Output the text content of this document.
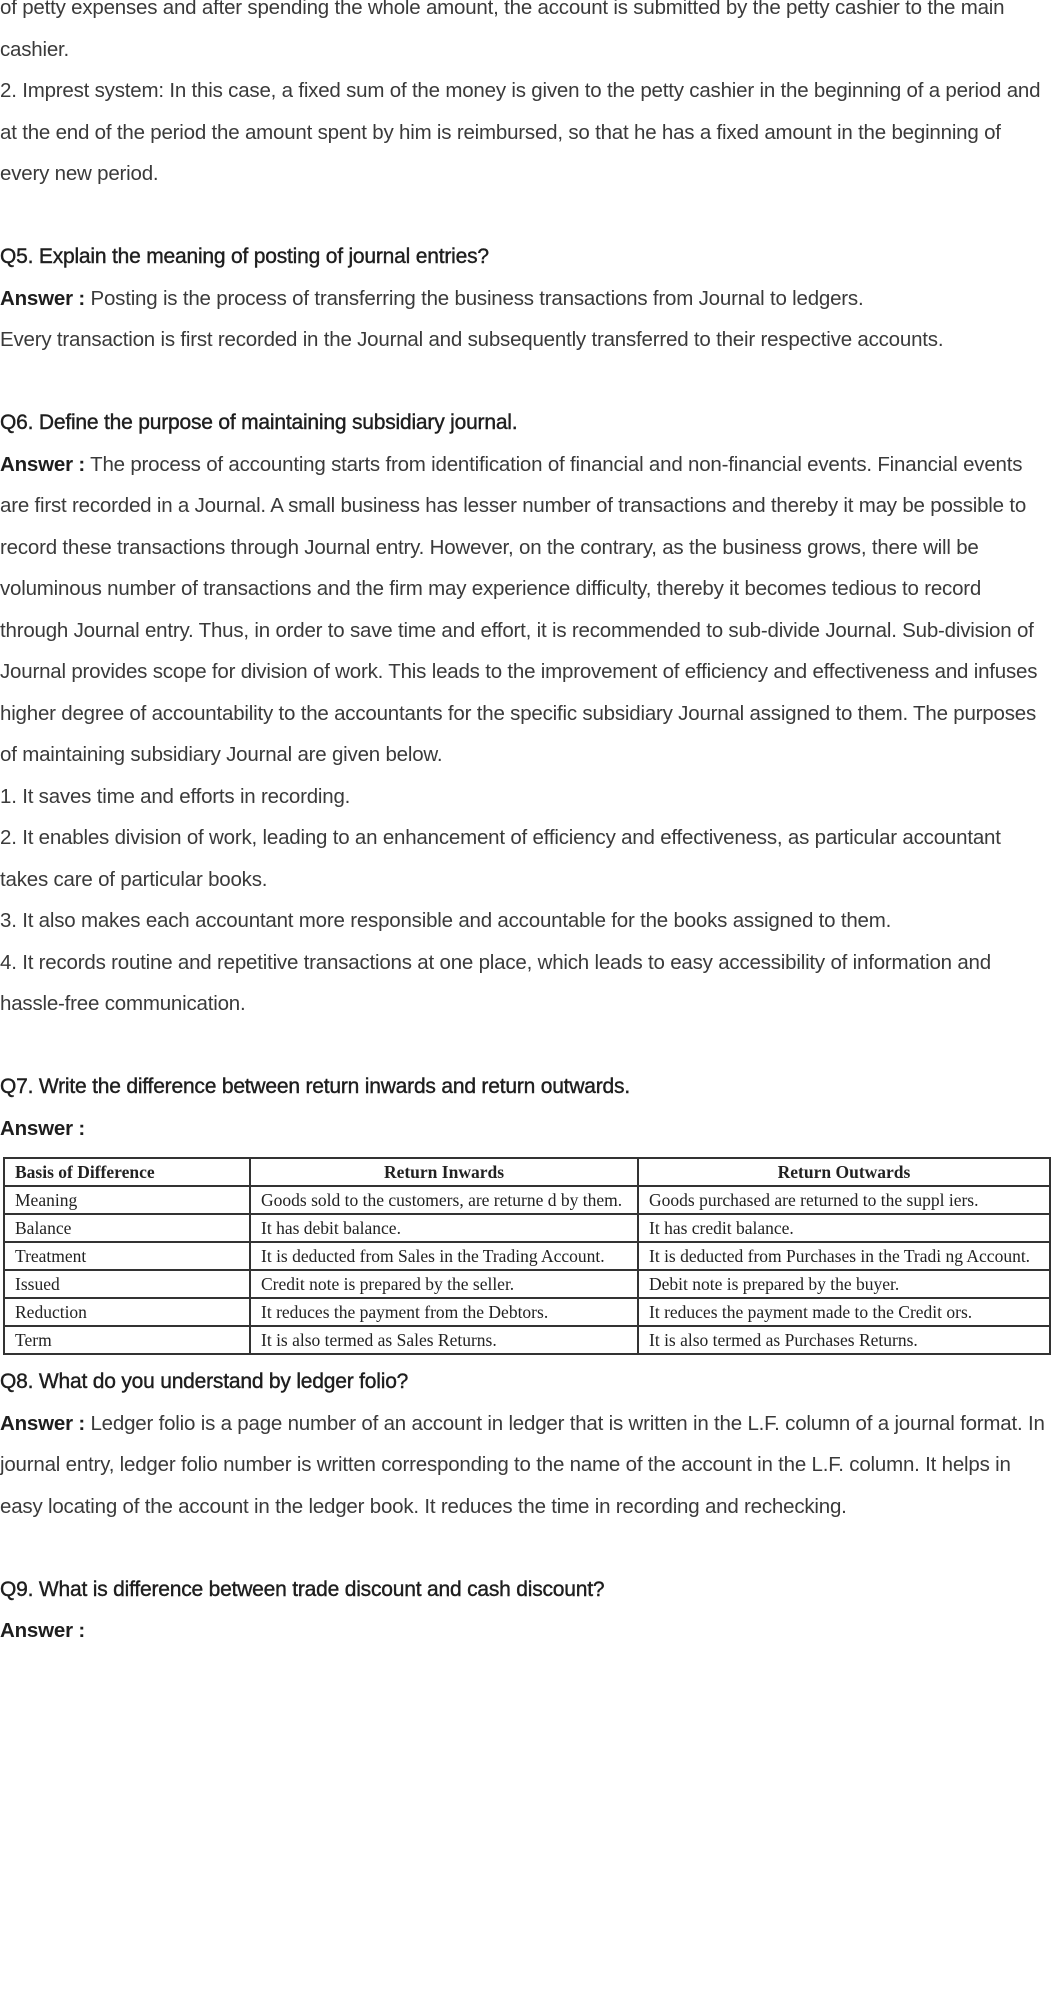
of petty expenses and after spending the whole amount, the account is submitted by the petty cashier to the main cashier.

2. Imprest system: In this case, a fixed sum of the money is given to the petty cashier in the beginning of a period and at the end of the period the amount spent by him is reimbursed, so that he has a fixed amount in the beginning of every new period.

Q5. Explain the meaning of posting of journal entries?

Answer : Posting is the process of transferring the business transactions from Journal to ledgers.

Every transaction is first recorded in the Journal and subsequently transferred to their respective accounts.

Q6. Define the purpose of maintaining subsidiary journal.

Answer : The process of accounting starts from identification of financial and non-financial events. Financial events are first recorded in a Journal. A small business has lesser number of transactions and thereby it may be possible to record these transactions through Journal entry. However, on the contrary, as the business grows, there will be voluminous number of transactions and the firm may experience difficulty, thereby it becomes tedious to record through Journal entry. Thus, in order to save time and effort, it is recommended to sub-divide Journal. Sub-division of Journal provides scope for division of work. This leads to the improvement of efficiency and effectiveness and infuses higher degree of accountability to the accountants for the specific subsidiary Journal assigned to them. The purposes of maintaining subsidiary Journal are given below.

1. It saves time and efforts in recording.

2. It enables division of work, leading to an enhancement of efficiency and effectiveness, as particular accountant takes care of particular books.

3. It also makes each accountant more responsible and accountable for the books assigned to them.

4. It records routine and repetitive transactions at one place, which leads to easy accessibility of information and hassle-free communication.

Q7. Write the difference between return inwards and return outwards.

Answer :

Basis of Difference	Return Inwards	Return Outwards
Meaning	Goods sold to the customers, are returne d by them.	Goods purchased are returned to the suppl iers.
Balance	It has debit balance.	It has credit balance.
Treatment	It is deducted from Sales in the Trading Account.	It is deducted from Purchases in the Tradi ng Account.
Issued	Credit note is prepared by the seller.	Debit note is prepared by the buyer.
Reduction	It reduces the payment from the Debtors.	It reduces the payment made to the Credit ors.
Term	It is also termed as Sales Returns.	It is also termed as Purchases Returns.
Q8. What do you understand by ledger folio?

Answer : Ledger folio is a page number of an account in ledger that is written in the L.F. column of a journal format. In journal entry, ledger folio number is written corresponding to the name of the account in the L.F. column. It helps in easy locating of the account in the ledger book. It reduces the time in recording and rechecking.

Q9. What is difference between trade discount and cash discount?

Answer :
